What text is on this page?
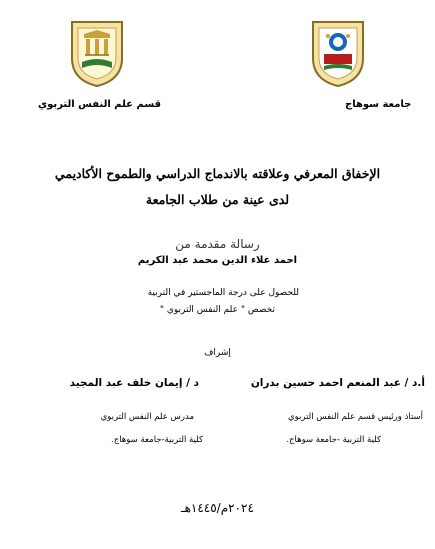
قسم علم النفس التربوي	جامعة سوهاج
الإخفاق المعرفي وعلاقته بالاندماج الدراسي والطموح الأكاديمي
لدى عينة من طلاب الجامعة
رسالة مقدمة من
احمد علاء الدين محمد عبد الكريم
للحصول على درجة الماجستير في التربية
تخصص " علم النفس التربوي "
إشراف
أ.د / عبد المنعم احمد حسين بدران
أستاذ ورئيس قسم علم النفس التربوي
كلية التربية -جامعة سوهاج.
د / إيمان خلف عبد المجيد
مدرس علم النفس التربوي
كلية التربية-جامعة سوهاج.
٢٠٢٤م/١٤٤٥هـ
